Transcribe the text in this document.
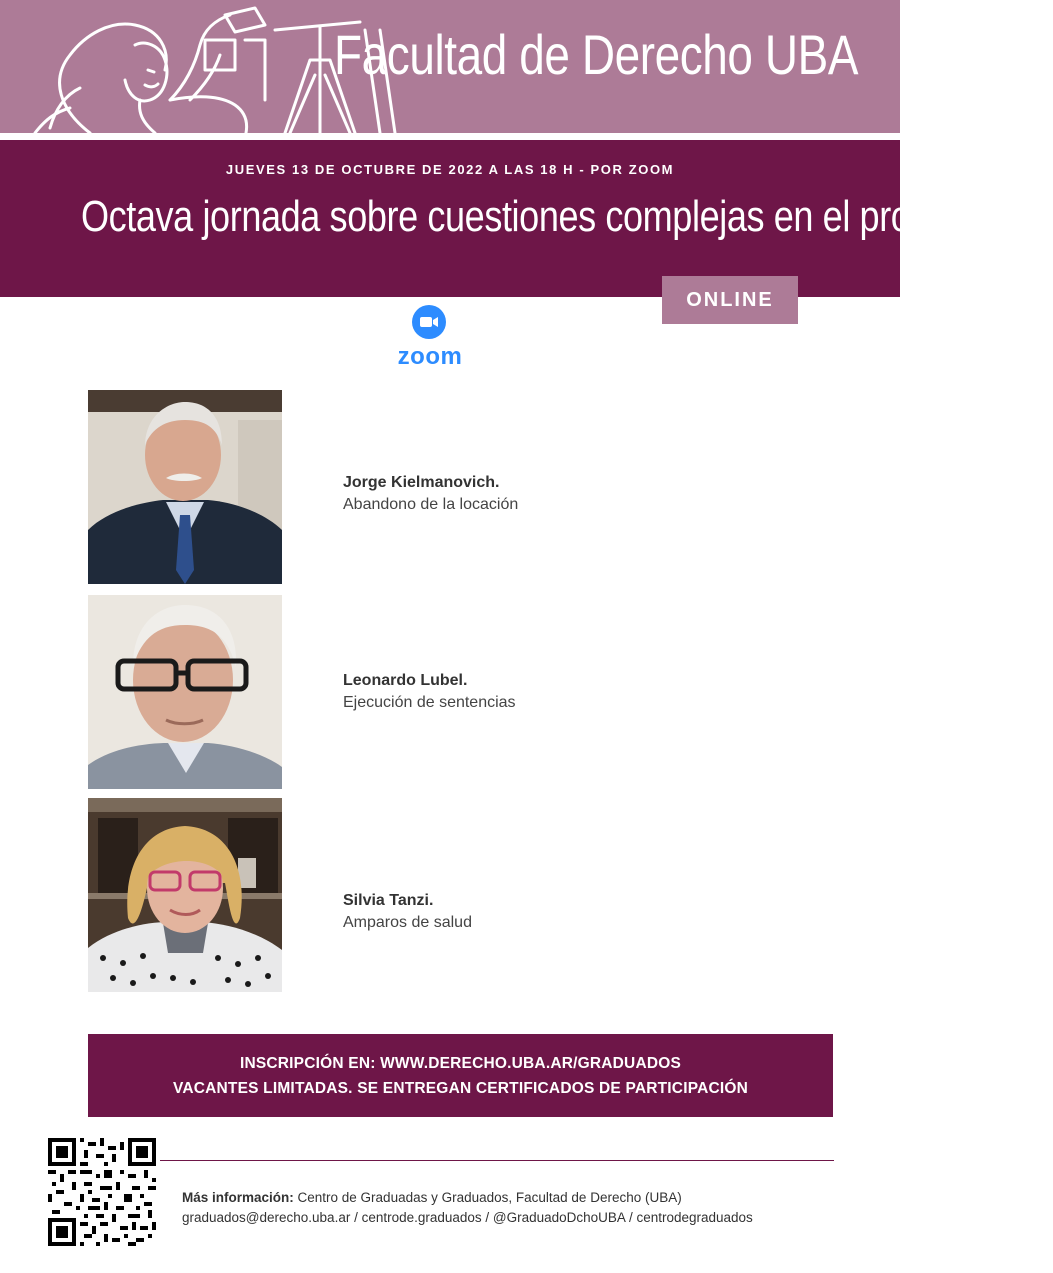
Facultad de Derecho UBA
JUEVES 13 DE OCTUBRE DE 2022 A LAS 18 H - POR ZOOM
Octava jornada sobre cuestiones complejas en el proceso civil
ONLINE
zoom
Jorge Kielmanovich.
Abandono de la locación
Leonardo Lubel.
Ejecución de sentencias
Silvia Tanzi.
Amparos de salud
INSCRIPCIÓN EN: WWW.DERECHO.UBA.AR/GRADUADOS
VACANTES LIMITADAS. SE ENTREGAN CERTIFICADOS DE PARTICIPACIÓN
Más información: Centro de Graduadas y Graduados, Facultad de Derecho (UBA)
graduados@derecho.uba.ar / centrode.graduados / @GraduadoDchoUBA / centrodegraduados
